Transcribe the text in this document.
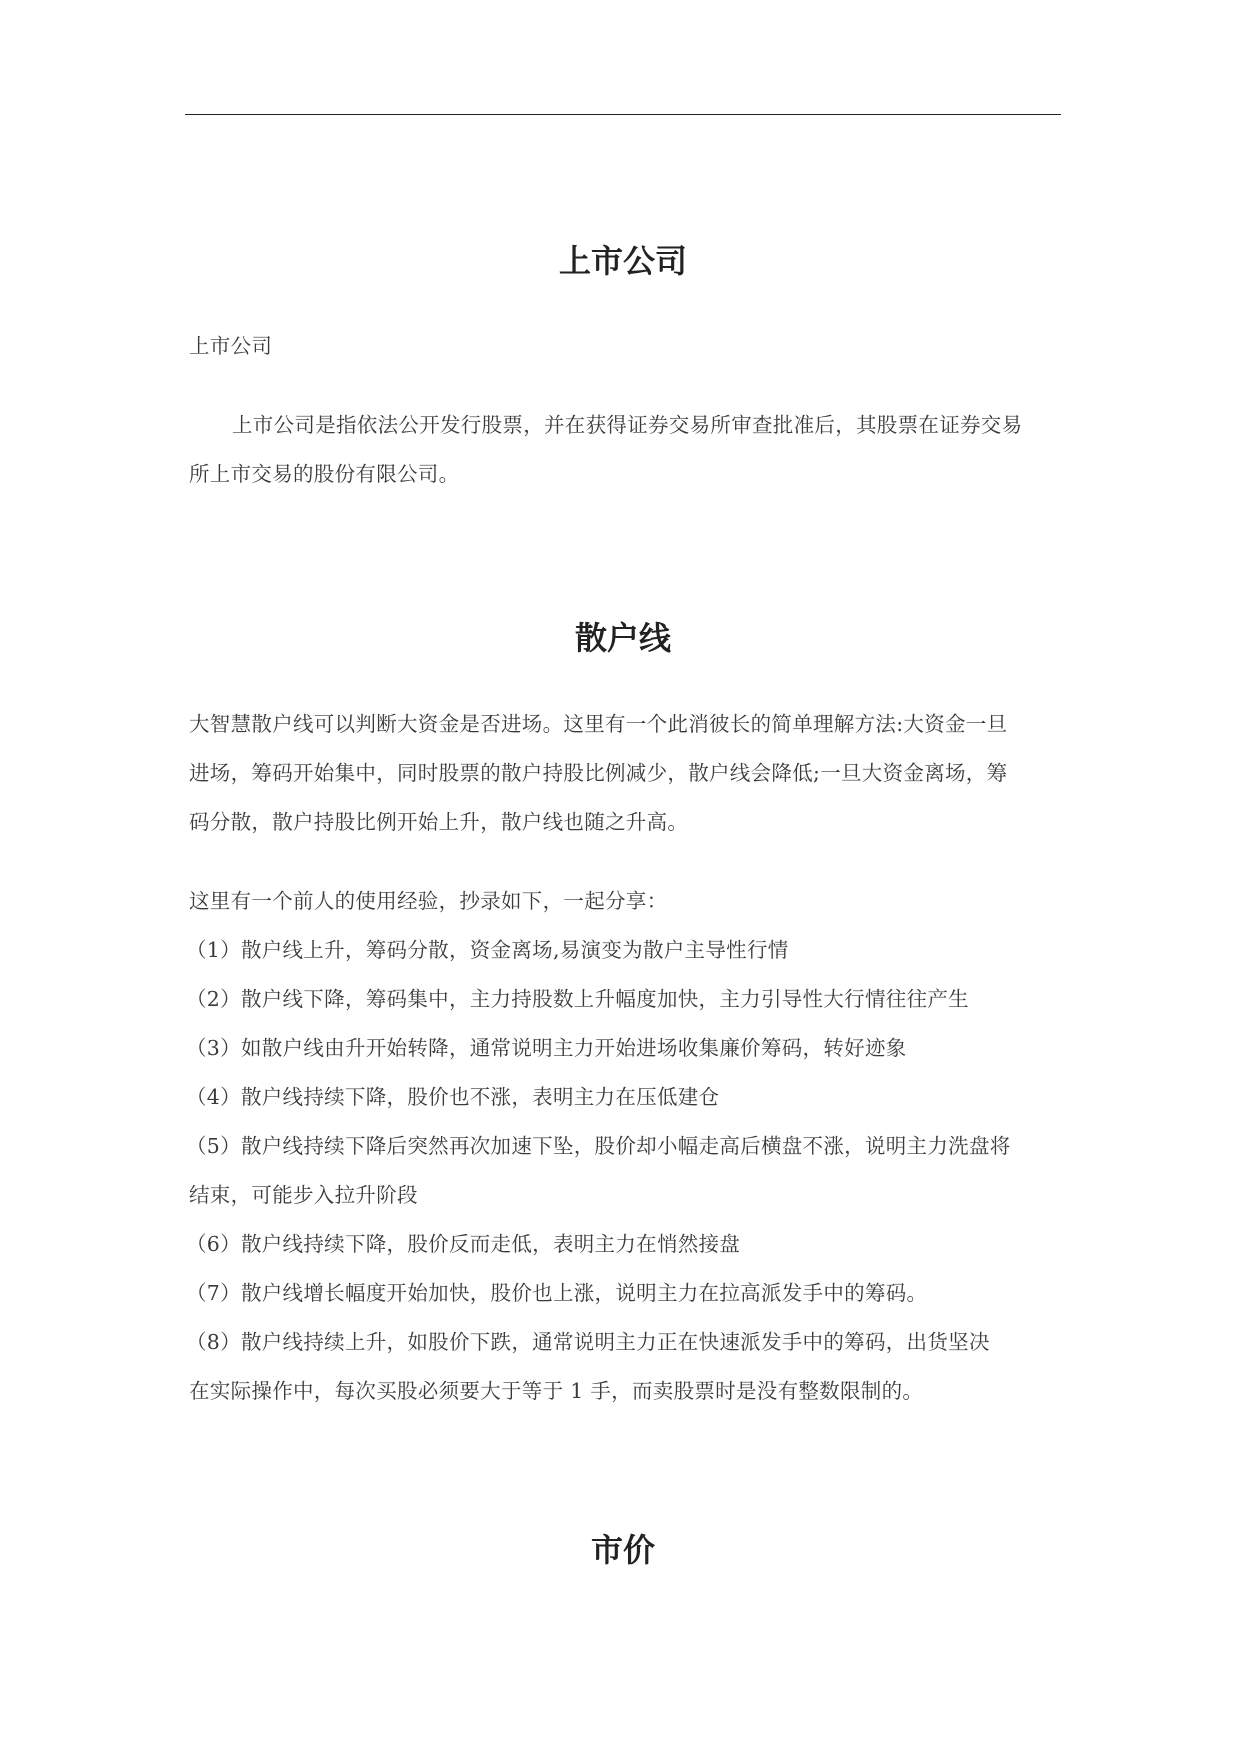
上市公司
上市公司
上市公司是指依法公开发行股票，并在获得证券交易所审查批准后，其股票在证券交易
所上市交易的股份有限公司。
散户线
大智慧散户线可以判断大资金是否进场。这里有一个此消彼长的简单理解方法:大资金一旦
进场，筹码开始集中，同时股票的散户持股比例减少，散户线会降低;一旦大资金离场，筹
码分散，散户持股比例开始上升，散户线也随之升高。
这里有一个前人的使用经验，抄录如下，一起分享：
（1）散户线上升，筹码分散，资金离场,易演变为散户主导性行情
（2）散户线下降，筹码集中，主力持股数上升幅度加快，主力引导性大行情往往产生
（3）如散户线由升开始转降，通常说明主力开始进场收集廉价筹码，转好迹象
（4）散户线持续下降，股价也不涨，表明主力在压低建仓
（5）散户线持续下降后突然再次加速下坠，股价却小幅走高后横盘不涨，说明主力洗盘将
结束，可能步入拉升阶段
（6）散户线持续下降，股价反而走低，表明主力在悄然接盘
（7）散户线增长幅度开始加快，股价也上涨，说明主力在拉高派发手中的筹码。
（8）散户线持续上升，如股价下跌，通常说明主力正在快速派发手中的筹码，出货坚决
在实际操作中，每次买股必须要大于等于 1 手，而卖股票时是没有整数限制的。
市价
